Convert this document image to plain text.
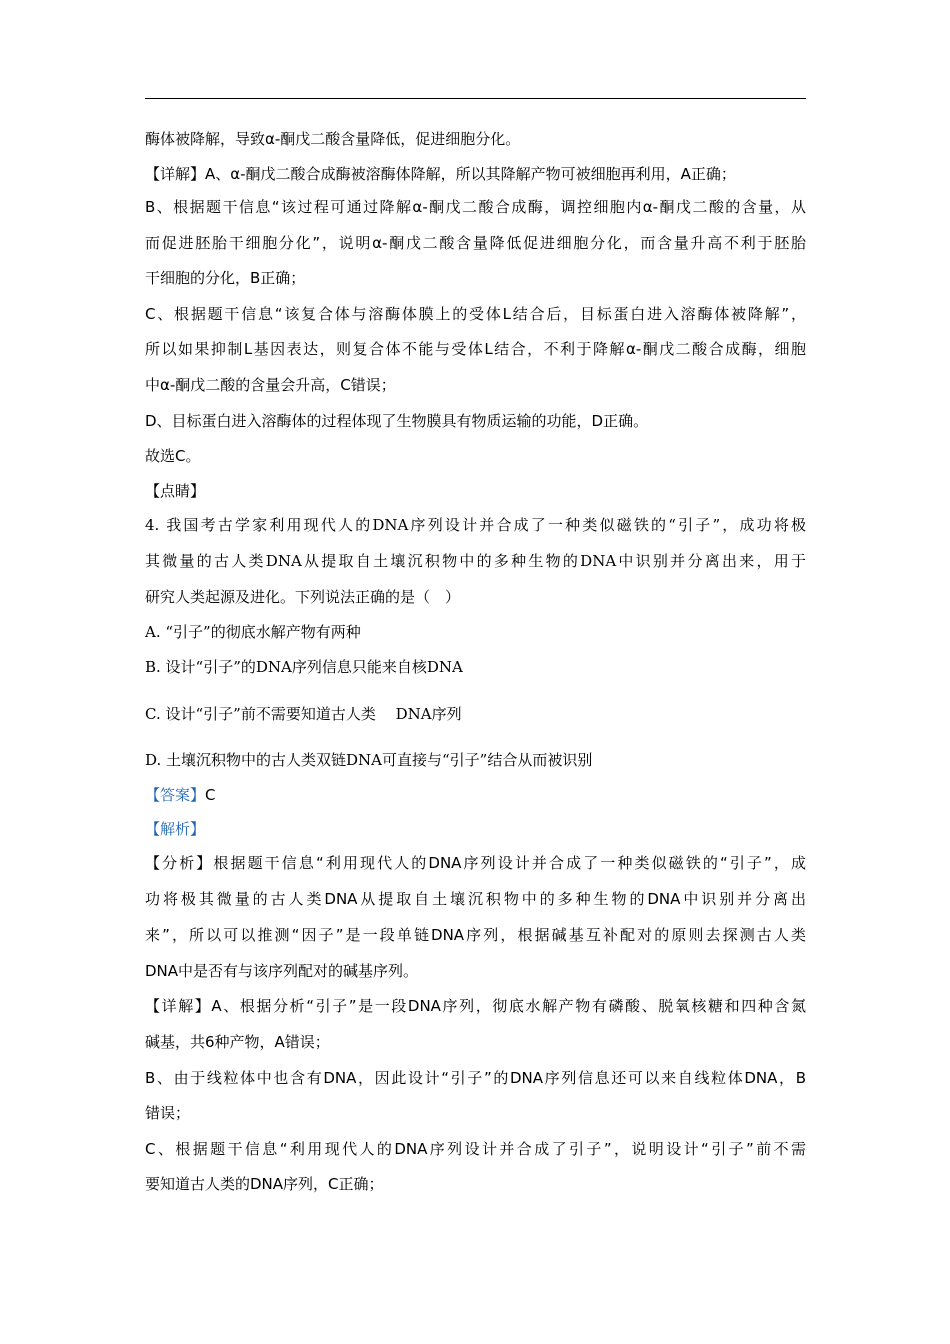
酶体被降解，导致α-酮戊二酸含量降低，促进细胞分化。
【详解】A、α-酮戊二酸合成酶被溶酶体降解，所以其降解产物可被细胞再利用，A正确；
B、根据题干信息“该过程可通过降解α-酮戊二酸合成酶，调控细胞内α-酮戊二酸的含量，从
而促进胚胎干细胞分化”，说明α-酮戊二酸含量降低促进细胞分化，而含量升高不利于胚胎
干细胞的分化，B正确；
C、根据题干信息“该复合体与溶酶体膜上的受体L结合后，目标蛋白进入溶酶体被降解”，
所以如果抑制L基因表达，则复合体不能与受体L结合，不利于降解α-酮戊二酸合成酶，细胞
中α-酮戊二酸的含量会升高，C错误；
D、目标蛋白进入溶酶体的过程体现了生物膜具有物质运输的功能，D正确。
故选C。
【点睛】
4. 我国考古学家利用现代人的DNA序列设计并合成了一种类似磁铁的“引子”，成功将极
其微量的古人类DNA从提取自土壤沉积物中的多种生物的DNA中识别并分离出来，用于
研究人类起源及进化。下列说法正确的是（　）
A. “引子”的彻底水解产物有两种
B. 设计“引子”的DNA序列信息只能来自核DNA
C. 设计“引子”前不需要知道古人类　 DNA序列
D. 土壤沉积物中的古人类双链DNA可直接与“引子”结合从而被识别
【答案】C
【解析】
【分析】根据题干信息“利用现代人的DNA序列设计并合成了一种类似磁铁的“引子”，成
功将极其微量的古人类DNA从提取自土壤沉积物中的多种生物的DNA中识别并分离出
来”，所以可以推测“因子”是一段单链DNA序列，根据碱基互补配对的原则去探测古人类
DNA中是否有与该序列配对的碱基序列。
【详解】A、根据分析“引子”是一段DNA序列，彻底水解产物有磷酸、脱氧核糖和四种含氮
碱基，共6种产物，A错误；
B、由于线粒体中也含有DNA，因此设计“引子”的DNA序列信息还可以来自线粒体DNA，B
错误；
C、根据题干信息“利用现代人的DNA序列设计并合成了引子”，说明设计“引子”前不需
要知道古人类的DNA序列，C正确；
